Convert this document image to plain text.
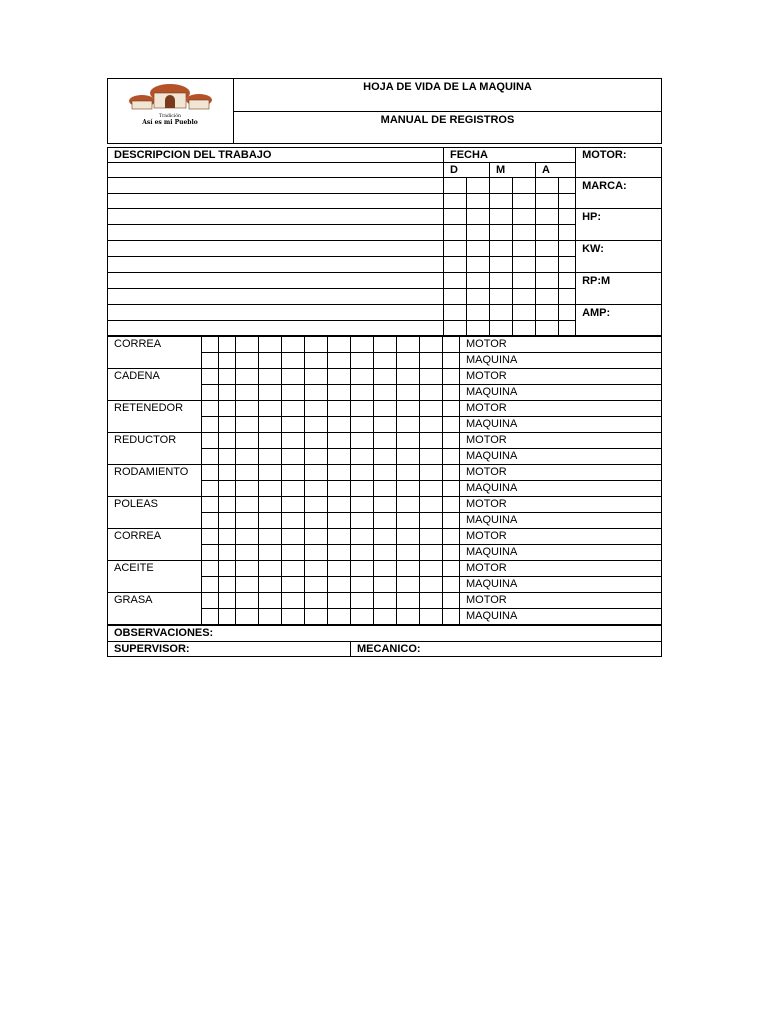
Tradición
Así es mi Pueblo
	HOJA DE VIDA DE LA MAQUINA
MANUAL DE REGISTROS
DESCRIPCION DEL TRABAJO	FECHA						MOTOR:
	D		M		A		
							MARCA:

							HP:

							KW:

							RP:M

							AMP:

CORREA													MOTOR
													MAQUINA
CADENA													MOTOR
													MAQUINA
RETENEDOR													MOTOR
													MAQUINA
REDUCTOR													MOTOR
													MAQUINA
RODAMIENTO													MOTOR
													MAQUINA
POLEAS													MOTOR
													MAQUINA
CORREA													MOTOR
													MAQUINA
ACEITE													MOTOR
													MAQUINA
GRASA													MOTOR
													MAQUINA
OBSERVACIONES:
SUPERVISOR:	MECANICO:
